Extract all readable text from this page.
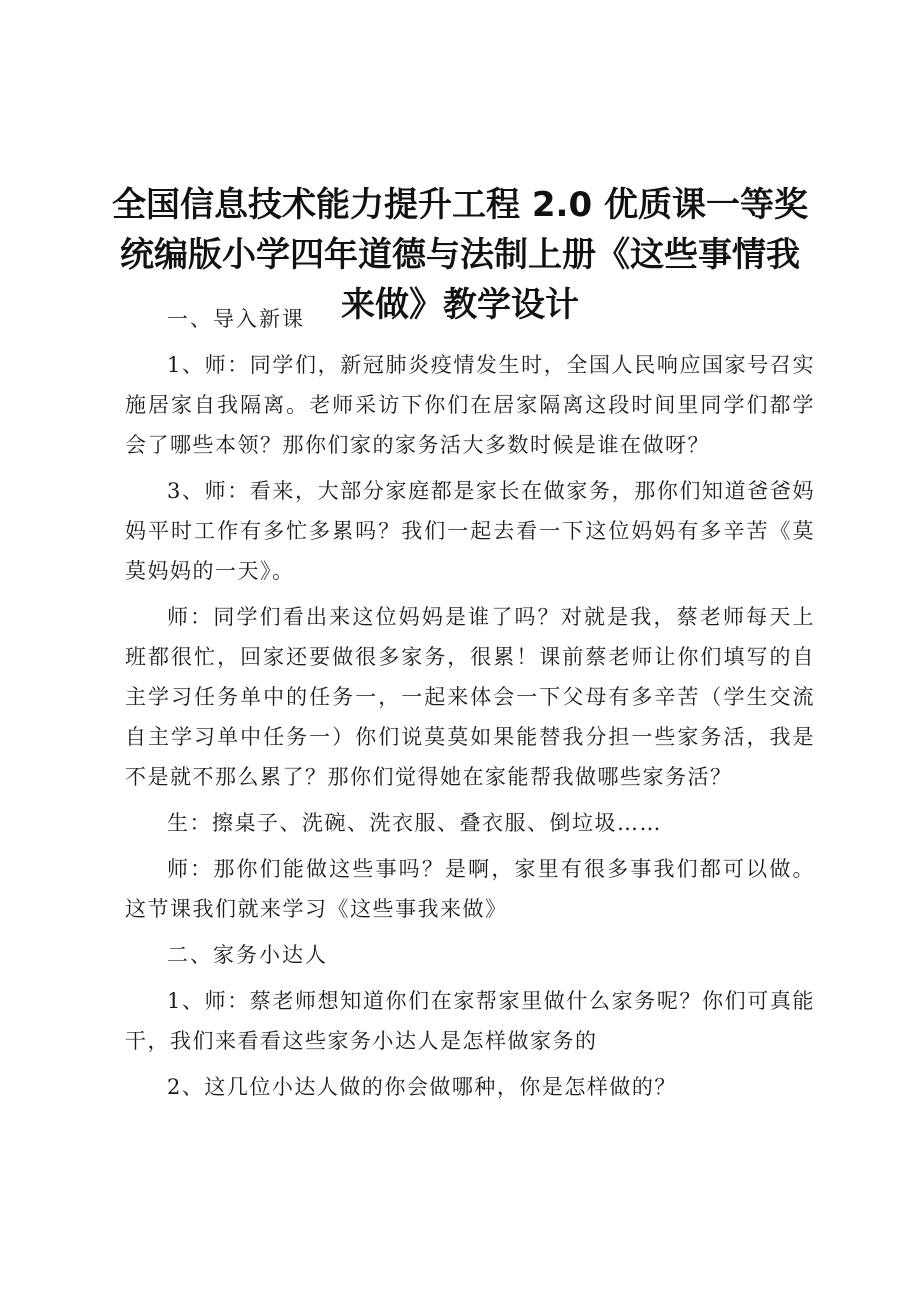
全国信息技术能力提升工程 2.0 优质课一等奖
统编版小学四年道德与法制上册《这些事情我
来做》教学设计

一、导入新课

1、师：同学们，新冠肺炎疫情发生时，全国人民响应国家号召实施居家自我隔离。老师采访下你们在居家隔离这段时间里同学们都学会了哪些本领？那你们家的家务活大多数时候是谁在做呀？

3、师：看来，大部分家庭都是家长在做家务，那你们知道爸爸妈妈平时工作有多忙多累吗？我们一起去看一下这位妈妈有多辛苦《莫莫妈妈的一天》。

师：同学们看出来这位妈妈是谁了吗？对就是我，蔡老师每天上班都很忙，回家还要做很多家务，很累！课前蔡老师让你们填写的自主学习任务单中的任务一，一起来体会一下父母有多辛苦（学生交流自主学习单中任务一）你们说莫莫如果能替我分担一些家务活，我是不是就不那么累了？那你们觉得她在家能帮我做哪些家务活？

生：擦桌子、洗碗、洗衣服、叠衣服、倒垃圾……

师：那你们能做这些事吗？是啊，家里有很多事我们都可以做。这节课我们就来学习《这些事我来做》

二、家务小达人

1、师：蔡老师想知道你们在家帮家里做什么家务呢？你们可真能干，我们来看看这些家务小达人是怎样做家务的

2、这几位小达人做的你会做哪种，你是怎样做的？
